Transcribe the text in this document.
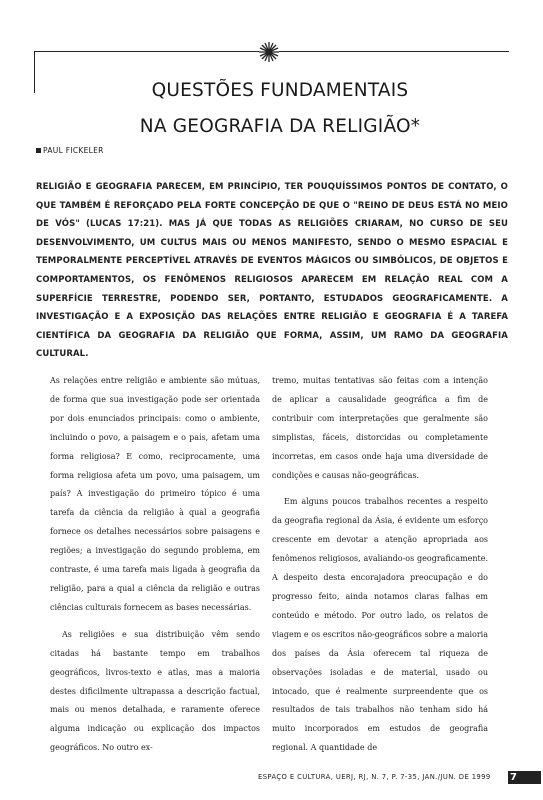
QUESTÕES FUNDAMENTAIS
NA GEOGRAFIA DA RELIGIÃO*
PAUL FICKELER
RELIGIÃO E GEOGRAFIA PARECEM, EM PRINCÍPIO, TER POUQUÍSSIMOS PONTOS DE CONTATO, O QUE TAMBÉM É REFORÇADO PELA FORTE CONCEPÇÃO DE QUE O "REINO DE DEUS ESTÁ NO MEIO DE VÓS" (LUCAS 17:21). MAS JÁ QUE TODAS AS RELIGIÕES CRIARAM, NO CURSO DE SEU DESENVOLVIMENTO, UM CULTUS MAIS OU MENOS MANIFESTO, SENDO O MESMO ESPACIAL E TEMPORALMENTE PERCEPTÍVEL ATRAVÉS DE EVENTOS MÁGICOS OU SIMBÓLICOS, DE OBJETOS E COMPORTAMENTOS, OS FENÔMENOS RELIGIOSOS APARECEM EM RELAÇÃO REAL COM A SUPERFÍCIE TERRESTRE, PODENDO SER, PORTANTO, ESTUDADOS GEOGRAFICAMENTE. A INVESTIGAÇÃO E A EXPOSIÇÃO DAS RELAÇÕES ENTRE RELIGIÃO E GEOGRAFIA É A TAREFA CIENTÍFICA DA GEOGRAFIA DA RELIGIÃO QUE FORMA, ASSIM, UM RAMO DA GEOGRAFIA CULTURAL.

As relações entre religião e ambiente são mútuas, de forma que sua investigação pode ser orientada por dois enunciados principais: como o ambiente, incluindo o povo, a paisagem e o país, afetam uma forma religiosa? E como, reciprocamente, uma forma religiosa afeta um povo, uma paisagem, um país? A investigação do primeiro tópico é uma tarefa da ciência da religião à qual a geografia fornece os detalhes necessários sobre paisagens e regiões; a investigação do segundo problema, em contraste, é uma tarefa mais ligada à geografia da religião, para a qual a ciência da religião e outras ciências culturais fornecem as bases necessárias.

As religiões e sua distribuição vêm sendo citadas há bastante tempo em trabalhos geográficos, livros-texto e atlas, mas a maioria destes dificilmente ultrapassa a descrição factual, mais ou menos detalhada, e raramente oferece alguma indicação ou explicação dos impactos geográficos. No outro ex-

tremo, muitas tentativas são feitas com a intenção de aplicar a causalidade geográfica a fim de contribuir com interpretações que geralmente são simplistas, fáceis, distorcidas ou completamente incorretas, em casos onde haja uma diversidade de condições e causas não-geográficas.

Em alguns poucos trabalhos recentes a respeito da geografia regional da Ásia, é evidente um esforço crescente em devotar a atenção apropriada aos fenômenos religiosos, avaliando-os geograficamente. A despeito desta encorajadora preocupação e do progresso feito, ainda notamos claras falhas em conteúdo e método. Por outro lado, os relatos de viagem e os escritos não-geográficos sobre a maioria dos países da Ásia oferecem tal riqueza de observações isoladas e de material, usado ou intocado, que é realmente surpreendente que os resultados de tais trabalhos não tenham sido há muito incorporados em estudos de geografia regional. A quantidade de

ESPAÇO E CULTURA, UERJ, RJ, N. 7, P. 7-35, JAN./JUN. DE 1999 7
